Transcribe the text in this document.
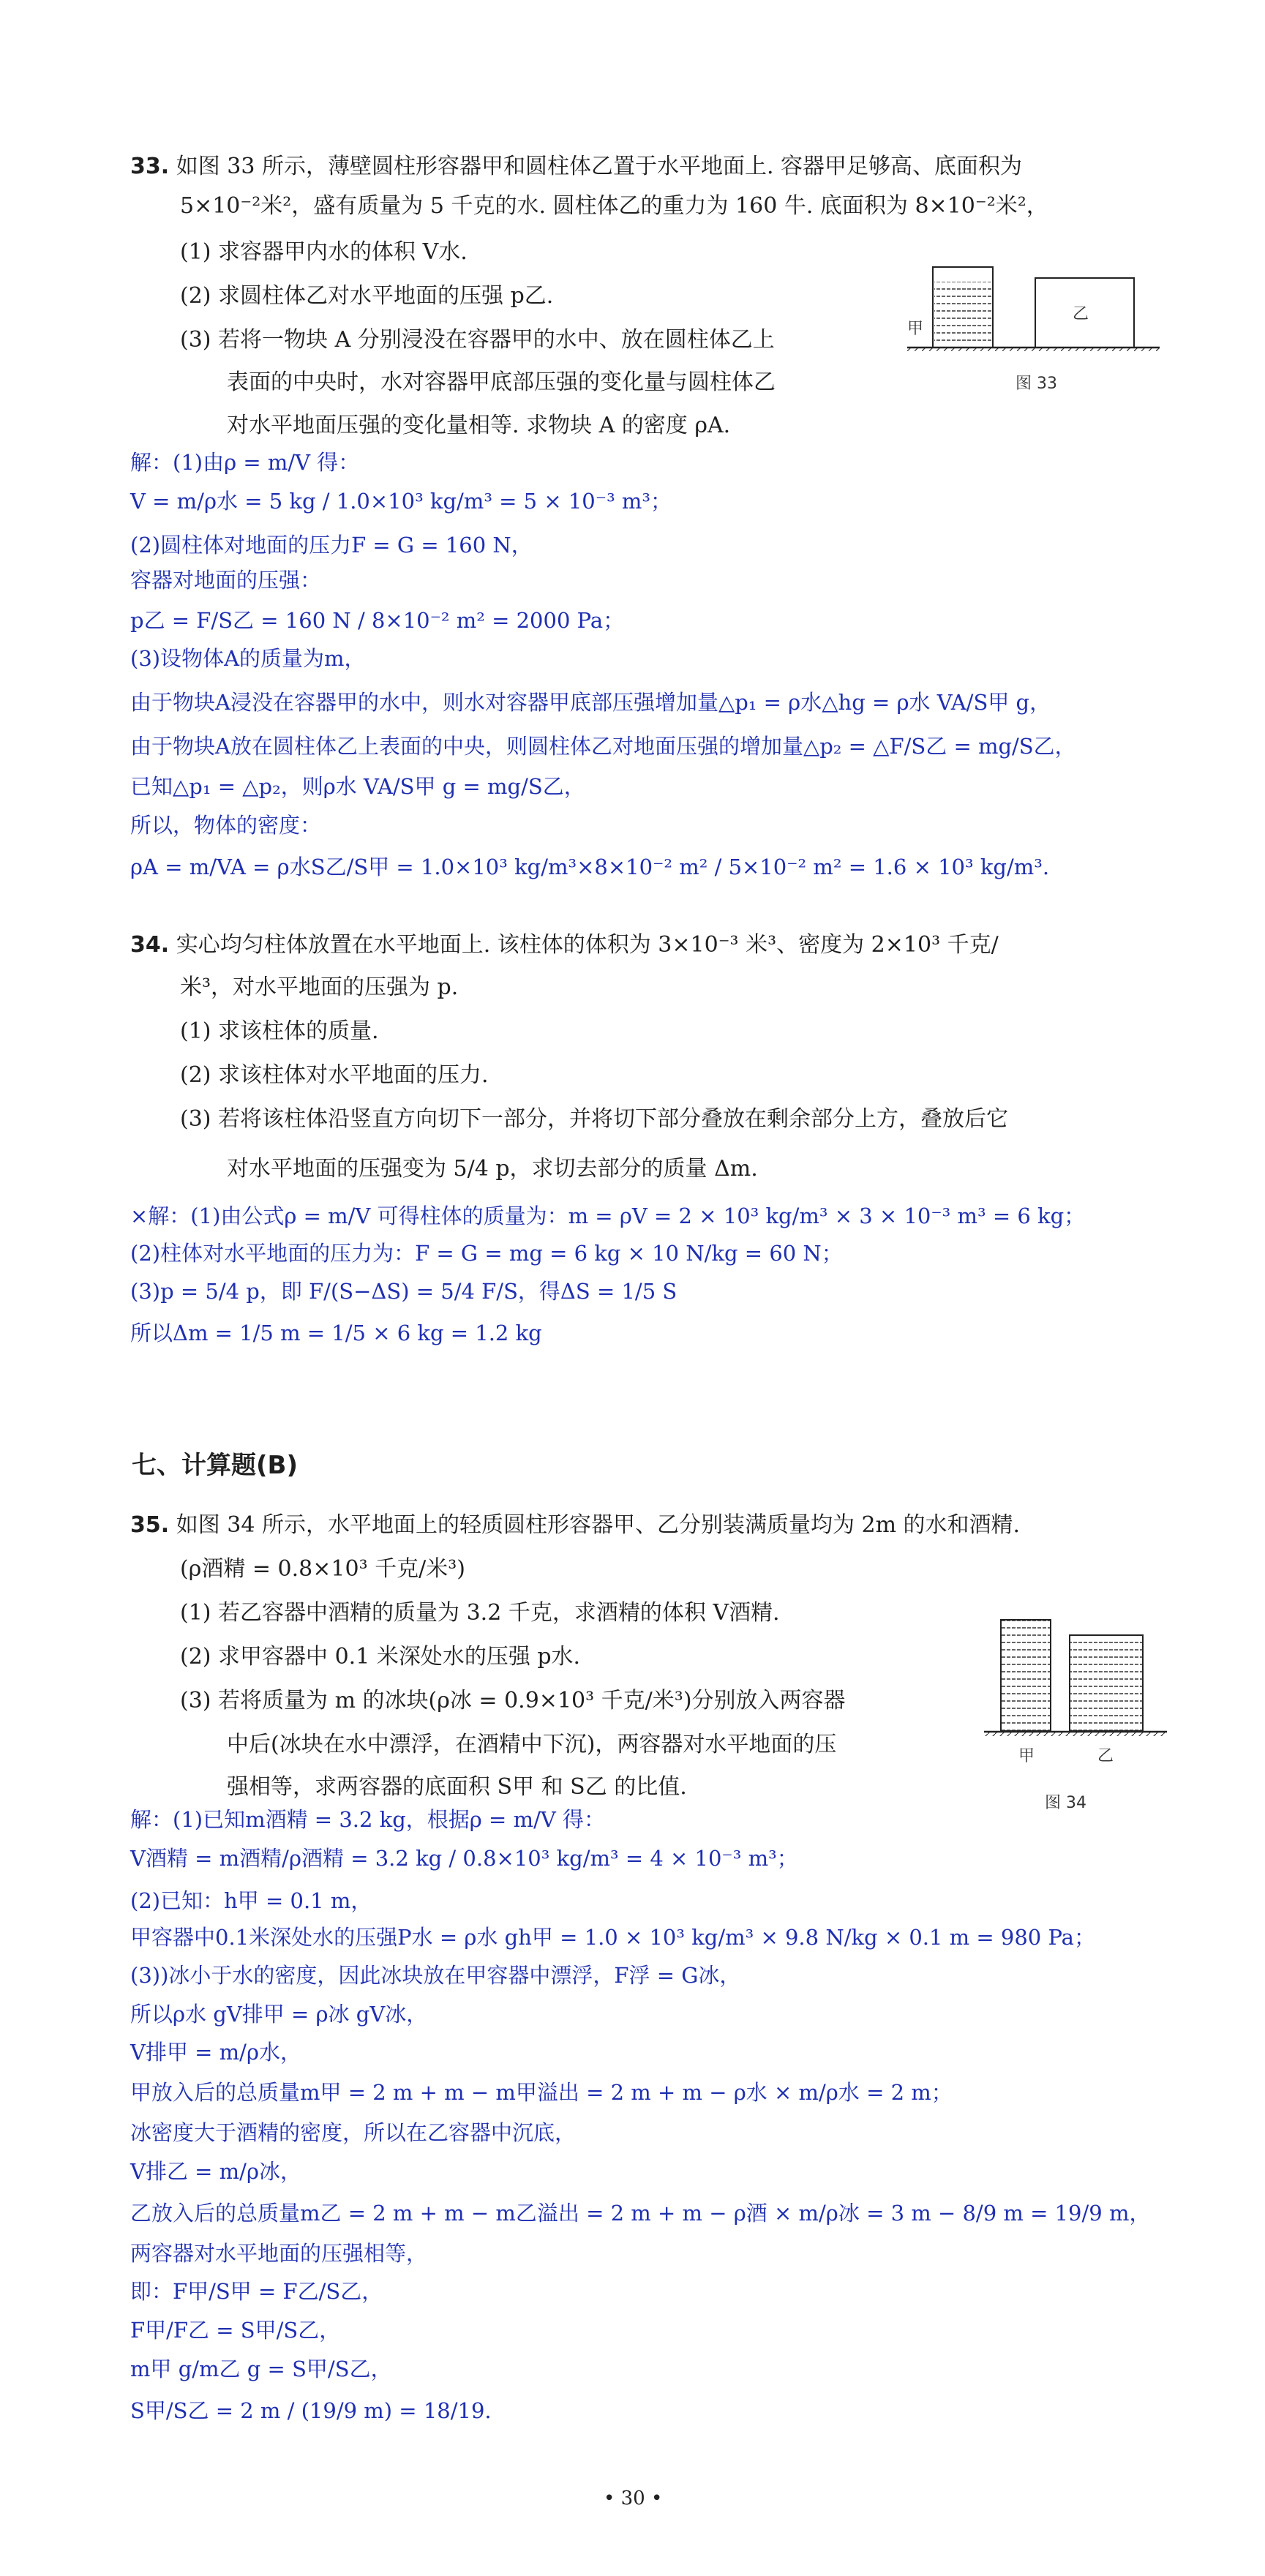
33. 如图 33 所示，薄壁圆柱形容器甲和圆柱体乙置于水平地面上. 容器甲足够高、底面积为
5×10⁻²米²，盛有质量为 5 千克的水. 圆柱体乙的重力为 160 牛. 底面积为 8×10⁻²米²，
(1) 求容器甲内水的体积 V水.
(2) 求圆柱体乙对水平地面的压强 p乙.
(3) 若将一物块 A 分别浸没在容器甲的水中、放在圆柱体乙上
表面的中央时，水对容器甲底部压强的变化量与圆柱体乙
对水平地面压强的变化量相等. 求物块 A 的密度 ρA.
甲
乙
图 33
解：(1)由ρ = m/V 得：
V = m/ρ水 = 5 kg / 1.0×10³ kg/m³ = 5 × 10⁻³ m³；
(2)圆柱体对地面的压力F = G = 160 N，
容器对地面的压强：
p乙 = F/S乙 = 160 N / 8×10⁻² m² = 2000 Pa；
(3)设物体A的质量为m，
由于物块A浸没在容器甲的水中，则水对容器甲底部压强增加量△p₁ = ρ水△hg = ρ水 VA/S甲 g，
由于物块A放在圆柱体乙上表面的中央，则圆柱体乙对地面压强的增加量△p₂ = △F/S乙 = mg/S乙，
已知△p₁ = △p₂，则ρ水 VA/S甲 g = mg/S乙，
所以，物体的密度：
ρA = m/VA = ρ水S乙/S甲 = 1.0×10³ kg/m³×8×10⁻² m² / 5×10⁻² m² = 1.6 × 10³ kg/m³.
34. 实心均匀柱体放置在水平地面上. 该柱体的体积为 3×10⁻³ 米³、密度为 2×10³ 千克/
米³，对水平地面的压强为 p.
(1) 求该柱体的质量.
(2) 求该柱体对水平地面的压力.
(3) 若将该柱体沿竖直方向切下一部分，并将切下部分叠放在剩余部分上方，叠放后它
对水平地面的压强变为 5/4 p，求切去部分的质量 Δm.
×解：(1)由公式ρ = m/V 可得柱体的质量为：m = ρV = 2 × 10³ kg/m³ × 3 × 10⁻³ m³ = 6 kg；
(2)柱体对水平地面的压力为：F = G = mg = 6 kg × 10 N/kg = 60 N；
(3)p = 5/4 p，即 F/(S−ΔS) = 5/4 F/S，得ΔS = 1/5 S
所以Δm = 1/5 m = 1/5 × 6 kg = 1.2 kg
七、计算题(B)
35. 如图 34 所示，水平地面上的轻质圆柱形容器甲、乙分别装满质量均为 2m 的水和酒精.
(ρ酒精 = 0.8×10³ 千克/米³)
(1) 若乙容器中酒精的质量为 3.2 千克，求酒精的体积 V酒精.
(2) 求甲容器中 0.1 米深处水的压强 p水.
(3) 若将质量为 m 的冰块(ρ冰 = 0.9×10³ 千克/米³)分别放入两容器
中后(冰块在水中漂浮，在酒精中下沉)，两容器对水平地面的压
强相等，求两容器的底面积 S甲 和 S乙 的比值.
甲	乙
图 34
解：(1)已知m酒精 = 3.2 kg，根据ρ = m/V 得：
V酒精 = m酒精/ρ酒精 = 3.2 kg / 0.8×10³ kg/m³ = 4 × 10⁻³ m³；
(2)已知：h甲 = 0.1 m，
甲容器中0.1米深处水的压强P水 = ρ水 gh甲 = 1.0 × 10³ kg/m³ × 9.8 N/kg × 0.1 m = 980 Pa；
(3))冰小于水的密度，因此冰块放在甲容器中漂浮，F浮 = G冰，
所以ρ水 gV排甲 = ρ冰 gV冰，
V排甲 = m/ρ水，
甲放入后的总质量m甲 = 2 m + m − m甲溢出 = 2 m + m − ρ水 × m/ρ水 = 2 m；
冰密度大于酒精的密度，所以在乙容器中沉底，
V排乙 = m/ρ冰，
乙放入后的总质量m乙 = 2 m + m − m乙溢出 = 2 m + m − ρ酒 × m/ρ冰 = 3 m − 8/9 m = 19/9 m，
两容器对水平地面的压强相等，
即：F甲/S甲 = F乙/S乙，
F甲/F乙 = S甲/S乙，
m甲 g/m乙 g = S甲/S乙，
S甲/S乙 = 2 m / (19/9 m) = 18/19.
• 30 •
